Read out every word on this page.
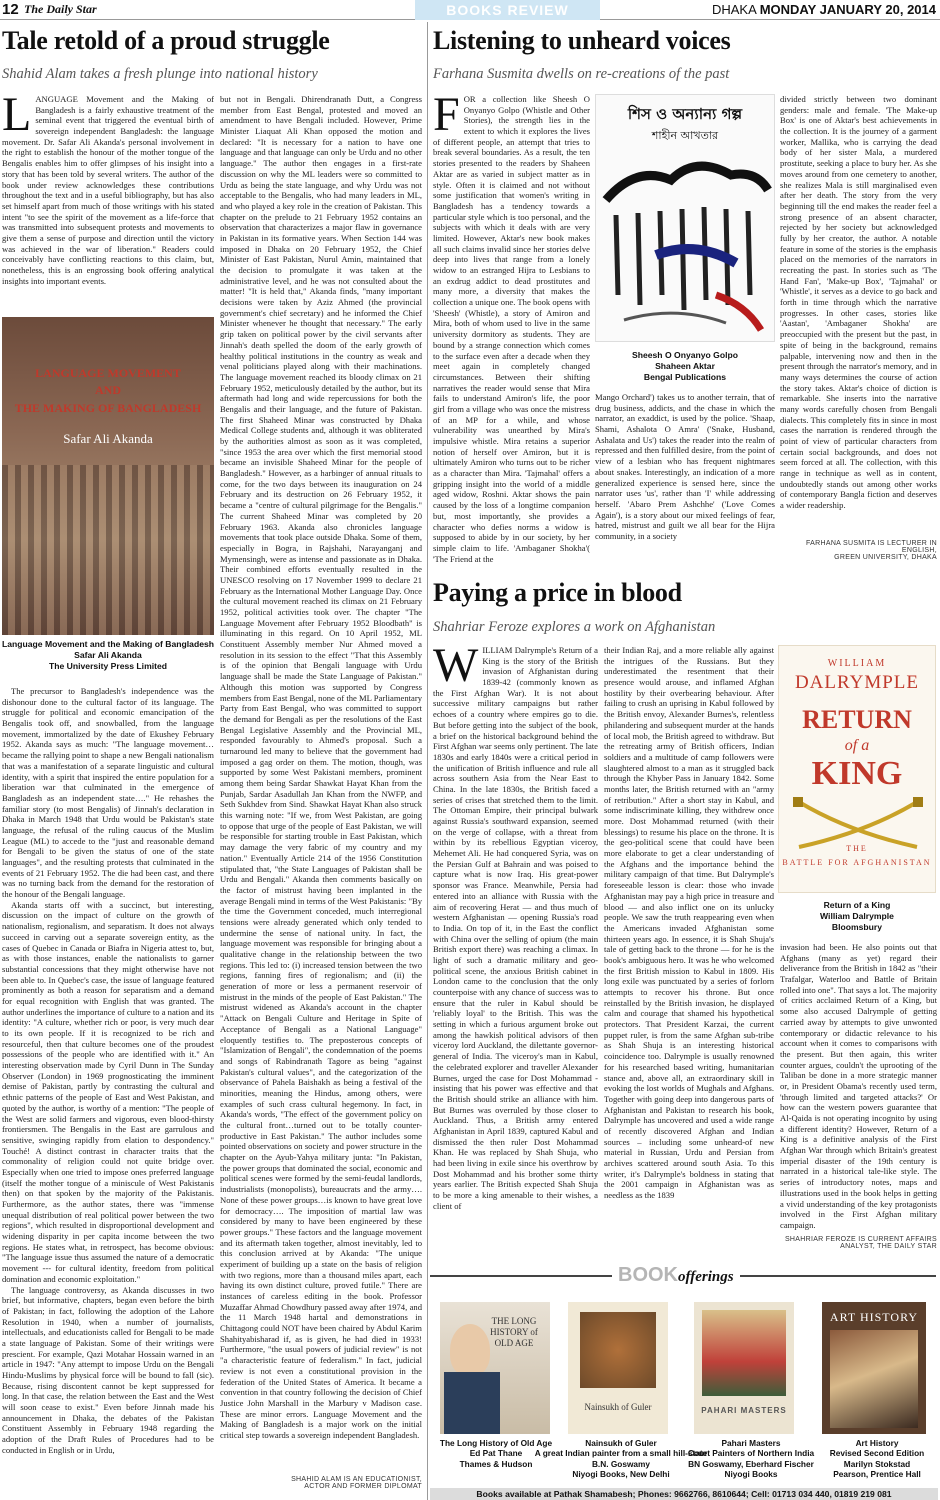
12 The Daily Star	BOOKS REVIEW	DHAKA MONDAY JANUARY 20, 2014
Tale retold of a proud struggle
Shahid Alam takes a fresh plunge into national history

LANGUAGE Movement and the Making of Bangladesh is a fairly exhaustive treatment of the seminal event that triggered the eventual birth of sovereign independent Bangladesh: the language movement. Dr. Safar Ali Akanda's personal involvement in the right to establish the honour of the mother tongue of the Bengalis enables him to offer glimpses of his insight into a story that has been told by several writers. The author of the book under review acknowledges these contributions throughout the text and in a useful bibliography, but has also set himself apart from much of those writings with his stated intent "to see the spirit of the movement as a life-force that was transmitted into subsequent protests and movements to give them a sense of purpose and direction until the victory was achieved in the war of liberation." Readers could conceivably have conflicting reactions to this claim, but, nonetheless, this is an engrossing book offering analytical insights into important events.

LANGUAGE MOVEMENT
AND
THE MAKING OF BANGLADESH
Safar Ali Akanda
Language Movement and the Making of Bangladesh
Safar Ali Akanda
The University Press Limited

The precursor to Bangladesh's independence was the dishonour done to the cultural factor of its language. The struggle for political and economic emancipation of the Bengalis took off, and snowballed, from the language movement, immortalized by the date of Ekushey February 1952. Akanda says as much: "The language movement…became the rallying point to shape a new Bengali nationalism that was a manifestation of a separate linguistic and cultural identity, with a spirit that inspired the entire population for a liberation war that culminated in the emergence of Bangladesh as an independent state…." He rehashes the familiar story (to most Bengalis) of Jinnah's declaration in Dhaka in March 1948 that Urdu would be Pakistan's state language, the refusal of the ruling caucus of the Muslim League (ML) to accede to the "just and reasonable demand for Bengali to be given the status of one of the state languages", and the resulting protests that culminated in the events of 21 February 1952. The die had been cast, and there was no turning back from the demand for the restoration of the honour of the Bengali language.

Akanda starts off with a succinct, but interesting, discussion on the impact of culture on the growth of nationalism, regionalism, and separatism. It does not always succeed in carving out a separate sovereign entity, as the cases of Quebec in Canada or Biafra in Nigeria attest to, but, as with those instances, enable the nationalists to garner substantial concessions that they might otherwise have not been able to. In Quebec's case, the issue of language featured prominently as both a reason for separatism and a demand for equal recognition with English that was granted. The author underlines the importance of culture to a nation and its identity: "A culture, whether rich or poor, is very much dear to its own people. If it is recognized to be rich and resourceful, then that culture becomes one of the proudest possessions of the people who are identified with it." An interesting observation made by Cyril Dunn in The Sunday Observer (London) in 1969 prognosticating the imminent demise of Pakistan, partly by contrasting the cultural and ethnic patterns of the people of East and West Pakistan, and quoted by the author, is worthy of a mention: "The people of the West are solid farmers and vigorous, even blood-thirsty frontiersmen. The Bengalis in the East are garrulous and sensitive, swinging rapidly from elation to despondency." Touché! A distinct contrast in character traits that the commonality of religion could not quite bridge over. Especially when one tried to impose ones preferred language (itself the mother tongue of a miniscule of West Pakistanis then) on that spoken by the majority of the Pakistanis. Furthermore, as the author states, there was "immense unequal distribution of real political power between the two regions", which resulted in disproportional development and widening disparity in per capita income between the two regions. He states what, in retrospect, has become obvious: "The language issue thus assumed the nature of a democratic movement --- for cultural identity, freedom from political domination and economic exploitation."

The language controversy, as Akanda discusses in two brief, but informative, chapters, began even before the birth of Pakistan; in fact, following the adoption of the Lahore Resolution in 1940, when a number of journalists, intellectuals, and educationists called for Bengali to be made a state language of Pakistan. Some of their writings were prescient. For example, Qazi Motahar Hossain warned in an article in 1947: "Any attempt to impose Urdu on the Bengali Hindu-Muslims by physical force will be bound to fall (sic). Because, rising discontent cannot be kept suppressed for long. In that case, the relation between the East and the West will soon cease to exist." Even before Jinnah made his announcement in Dhaka, the debates of the Pakistan Constituent Assembly in February 1948 regarding the adoption of the Draft Rules of Procedures had to be conducted in English or in Urdu,

but not in Bengali. Dhirendranath Dutt, a Congress member from East Bengal, protested and moved an amendment to have Bengali included. However, Prime Minister Liaquat Ali Khan opposed the motion and declared: "It is necessary for a nation to have one language and that language can only be Urdu and no other language." The author then engages in a first-rate discussion on why the ML leaders were so committed to Urdu as being the state language, and why Urdu was not acceptable to the Bengalis, who had many leaders in ML, and who played a key role in the creation of Pakistan. This chapter on the prelude to 21 February 1952 contains an observation that characterizes a major flaw in governance in Pakistan in its formative years. When Section 144 was imposed in Dhaka on 20 February 1952, the Chief Minister of East Pakistan, Nurul Amin, maintained that the decision to promulgate it was taken at the administrative level, and he was not consulted about the matter! "It is held that," Akanda finds, "many important decisions were taken by Aziz Ahmed (the provincial government's chief secretary) and he informed the Chief Minister whenever he thought that necessary." The early grip taken on political power by the civil servants after Jinnah's death spelled the doom of the early growth of healthy political institutions in the country as weak and venal politicians played along with their machinations. The language movement reached its bloody climax on 21 February 1952, meticulously detailed by the author, but its aftermath had long and wide repercussions for both the Bengalis and their language, and the future of Pakistan. The first Shaheed Minar was constructed by Dhaka Medical College students and, although it was obliterated by the authorities almost as soon as it was completed, "since 1953 the area over which the first memorial stood became an invisible Shaheed Minar for the people of Bangladesh." However, as a harbinger of annual rituals to come, for the two days between its inauguration on 24 February and its destruction on 26 February 1952, it became a "centre of cultural pilgrimage for the Bengalis." The current Shaheed Minar was completed by 20 February 1963. Akanda also chronicles language movements that took place outside Dhaka. Some of them, especially in Bogra, in Rajshahi, Narayanganj and Mymensingh, were as intense and passionate as in Dhaka. Their combined efforts eventually resulted in the UNESCO resolving on 17 November 1999 to declare 21 February as the International Mother Language Day. Once the cultural movement reached its climax on 21 February 1952, political activities took over. The chapter "The Language Movement after February 1952 Bloodbath" is illuminating in this regard. On 10 April 1952, ML Constituent Assembly member Nur Ahmed moved a resolution in its session to the effect "That this Assembly is of the opinion that Bengali language with Urdu language shall be made the State Language of Pakistan." Although this motion was supported by Congress members from East Bengal, none of the ML Parliamentary Party from East Bengal, who was committed to support the demand for Bengali as per the resolutions of the East Bengal Legislative Assembly and the Provincial ML, responded favourably to Ahmed's proposal. Such a turnaround led many to believe that the government had imposed a gag order on them. The motion, though, was supported by some West Pakistani members, prominent among them being Sardar Shawkat Hayat Khan from the Punjab, Sardar Asadullah Jan Khan from the NWFP, and Seth Sukhdev from Sind. Shawkat Hayat Khan also struck this warning note: "If we, from West Pakistan, are going to oppose that urge of the people of East Pakistan, we will be responsible for starting trouble in East Pakistan, which may damage the very fabric of my country and my nation." Eventually Article 214 of the 1956 Constitution stipulated that, "the State Languages of Pakistan shall be Urdu and Bengali." Akanda then comments basically on the factor of mistrust having been implanted in the average Bengali mind in terms of the West Pakistanis: "By the time the Government conceded, much interregional tensions were already generated which only tended to undermine the sense of national unity. In fact, the language movement was responsible for bringing about a qualitative change in the relationship between the two regions. This led to: (i) increased tension between the two regions, fanning fires of regionalism; and (ii) the generation of more or less a permanent reservoir of mistrust in the minds of the people of East Pakistan." The mistrust widened as Akanda's account in the chapter "Attack on Bengali Culture and Heritage in Spite of Acceptance of Bengali as a National Language" eloquently testifies to. The preposterous concepts of "Islamization of Bengali", the condemnation of the poems and songs of Rabindranath Tagore as being "against Pakistan's cultural values", and the categorization of the observance of Pahela Baishakh as being a festival of the minorities, meaning the Hindus, among others, were examples of such crass cultural hegemony. In fact, in Akanda's words, "The effect of the government policy on the cultural front…turned out to be totally counter-productive in East Pakistan." The author includes some pointed observations on society and power structure in the chapter on the Ayub-Yahya military junta: "In Pakistan, the power groups that dominated the social, economic and political scenes were formed by the semi-feudal landlords, industrialists (monopolists), bureaucrats and the army…. None of these power groups…is known to have great love for democracy…. The imposition of martial law was considered by many to have been engineered by these power groups." These factors and the language movement and its aftermath taken together, almost inevitably, led to this conclusion arrived at by Akanda: "The unique experiment of building up a state on the basis of religion with two regions, more than a thousand miles apart, each having its own distinct culture, proved futile." There are instances of careless editing in the book. Professor Muzaffar Ahmad Chowdhury passed away after 1974, and the 11 March 1948 hartal and demonstrations in Chittagong could NOT have been chaired by Abdul Karim Shahityabisharad if, as is given, he had died in 1933! Furthermore, "the usual powers of judicial review" is not "a characteristic feature of federalism." In fact, judicial review is not even a constitutional provision in the federation of the United States of America. It became a convention in that country following the decision of Chief Justice John Marshall in the Marbury v Madison case. These are minor errors. Language Movement and the Making of Bangladesh is a major work on the initial critical step towards a sovereign independent Bangladesh.

SHAHID ALAM IS AN EDUCATIONIST,
ACTOR AND FORMER DIPLOMAT
Listening to unheard voices
Farhana Susmita dwells on re-creations of the past

FOR a collection like Sheesh O Onyanyo Golpo (Whistle and Other Stories), the strength lies in the extent to which it explores the lives of different people, an attempt that tries to break several boundaries. As a result, the ten stories presented to the readers by Shaheen Aktar are as varied in subject matter as in style. Often it is claimed and not without some justification that women's writing in Bangladesh has a tendency towards a particular style which is too personal, and the subjects with which it deals with are very limited. However, Aktar's new book makes all such claims invalid since her stories delve deep into lives that range from a lonely widow to an estranged Hijra to Lesbians to an exdrug addict to dead prostitutes and many more, a diversity that makes the collection a unique one. The book opens with 'Sheesh' (Whistle), a story of Amiron and Mira, both of whom used to live in the same university dormitory as students. They are bound by a strange connection which comes to the surface even after a decade when they meet again in completely changed circumstances. Between their shifting narratives the reader would sense that Mira fails to understand Amiron's life, the poor girl from a village who was once the mistress of an MP for a while, and whose vulnerability was unearthed by Mira's impulsive whistle. Mira retains a superior notion of herself over Amiron, but it is ultimately Amiron who turns out to be richer as a character than Mira. 'Tajmahal' offers a gripping insight into the world of a middle aged widow, Roshni. Aktar shows the pain caused by the loss of a longtime companion but, most importantly, she provides a character who defies norms a widow is supposed to abide by in our society, by her simple claim to life. 'Ambaganer Shokha'( 'The Friend at the

শিস ও অন্যান্য গল্প
শাহীন আখতার
Sheesh O Onyanyo Golpo
Shaheen Aktar
Bengal Publications

Mango Orchard') takes us to another terrain, that of drug business, addicts, and the chase in which the narrator, an exaddict, is used by the police. 'Shaap, Shami, Ashalota O Amra' ('Snake, Husband, Ashalata and Us') takes the reader into the realm of repressed and then fulfilled desire, from the point of view of a lesbian who has frequent nightmares about snakes. Interestingly, an indication of a more generalized experience is sensed here, since the narrator uses 'us', rather than 'I' while addressing herself. 'Abaro Prem Ashchhe' ('Love Comes Again'), is a story about our mixed feelings of fear, hatred, mistrust and guilt we all bear for the Hijra community, in a society

divided strictly between two dominant genders: male and female. 'The Make-up Box' is one of Aktar's best achievements in the collection. It is the journey of a garment worker, Mallika, who is carrying the dead body of her sister Mala, a murdered prostitute, seeking a place to bury her. As she moves around from one cemetery to another, she realizes Mala is still marginalised even after her death. The story from the very beginning till the end makes the reader feel a strong presence of an absent character, rejected by her society but acknowledged fully by her creator, the author. A notable feature in some of the stories is the emphasis placed on the memories of the narrators in recreating the past. In stories such as 'The Hand Fan', 'Make-up Box', 'Tajmahal' or 'Whistle', it serves as a device to go back and forth in time through which the narrative progresses. In other cases, stories like 'Aastan', 'Ambaganer Shokha' are preoccupied with the present but the past, in spite of being in the background, remains palpable, intervening now and then in the present through the narrator's memory, and in many ways determines the course of action the story takes. Aktar's choice of diction is remarkable. She inserts into the narrative many words carefully chosen from Bengali dialects. This completely fits in since in most cases the narration is rendered through the point of view of particular characters from certain social backgrounds, and does not seem forced at all. The collection, with this range in technique as well as in content, undoubtedly stands out among other works of contemporary Bangla fiction and deserves a wider readership.

FARHANA SUSMITA IS LECTURER IN ENGLISH,
GREEN UNIVERSITY, DHAKA
Paying a price in blood
Shahriar Feroze explores a work on Afghanistan

WILLIAM Dalrymple's Return of a King is the story of the British invasion of Afghanistan during 1839-42 (commonly known as the First Afghan War). It is not about successive military campaigns but rather echoes of a country where empires go to die. But before getting into the subject of the book, a brief on the historical background behind the First Afghan war seems only pertinent. The late 1830s and early 1840s were a critical period in the unification of British influence and rule all across southern Asia from the Near East to China. In the late 1830s, the British faced a series of crises that stretched them to the limit. The Ottoman Empire, their principal bulwark against Russia's southward expansion, seemed on the verge of collapse, with a threat from within by its rebellious Egyptian viceroy, Mehemet Ali. He had conquered Syria, was on the Persian Gulf at Bahrain and was poised to capture what is now Iraq. His great-power sponsor was France. Meanwhile, Persia had entered into an alliance with Russia with the aim of recovering Herat — and thus much of western Afghanistan — opening Russia's road to India. On top of it, in the East the conflict with China over the selling of opium (the main British export there) was reaching a climax. In light of such a dramatic military and geo-political scene, the anxious British cabinet in London came to the conclusion that the only counterpoise with any chance of success was to ensure that the ruler in Kabul should be 'reliably loyal' to the British. This was the setting in which a furious argument broke out among the hawkish political advisors of then viceroy lord Auckland, the dilettante governor-general of India. The viceroy's man in Kabul, the celebrated explorer and traveller Alexander Burnes, urged the case for Dost Mohammad - insisting that his power was effective and that the British should strike an alliance with him. But Burnes was overruled by those closer to Auckland. Thus, a British army entered Afghanistan in April 1839, captured Kabul and dismissed the then ruler Dost Mohammad Khan. He was replaced by Shah Shuja, who had been living in exile since his overthrow by Dost Mohammad and his brother some thirty years earlier. The British expected Shah Shuja to be more a king amenable to their wishes, a client of

their Indian Raj, and a more reliable ally against the intrigues of the Russians. But they underestimated the resentment that their presence would arouse, and inflamed Afghan hostility by their overbearing behaviour. After failing to crush an uprising in Kabul followed by the British envoy, Alexander Burnes's, relentless philandering and subsequent murder at the hands of local mob, the British agreed to withdraw. But the retreating army of British officers, Indian soldiers and a multitude of camp followers were slaughtered almost to a man as it struggled back through the Khyber Pass in January 1842. Some months later, the British returned with an "army of retribution." After a short stay in Kabul, and some indiscriminate killing, they withdrew once more. Dost Mohammad returned (with their blessings) to resume his place on the throne. It is the geo-political scene that could have been more elaborate to get a clear understanding of the Afghans and the importance behind the military campaign of that time. But Dalrymple's foreseeable lesson is clear: those who invade Afghanistan may pay a high price in treasure and blood — and also inflict one on its unlucky people. We saw the truth reappearing even when the Americans invaded Afghanistan some thirteen years ago. In essence, it is Shah Shuja's tale of getting back to the throne — for he is the book's ambiguous hero. It was he who welcomed the first British mission to Kabul in 1809. His long exile was punctuated by a series of forlorn attempts to recover his throne. But once reinstalled by the British invasion, he displayed calm and courage that shamed his hypothetical protectors. That President Karzai, the current puppet ruler, is from the same Afghan sub-tribe as Shah Shuja is an interesting historical coincidence too. Dalrymple is usually renowned for his researched based writing, humanitarian stance and, above all, an extraordinary skill in evoking the lost worlds of Mughals and Afghans. Together with going deep into dangerous parts of Afghanistan and Pakistan to research his book, Dalrymple has uncovered and used a wide range of recently discovered Afghan and Indian sources – including some unheard-of new material in Russian, Urdu and Persian from archives scattered around south Asia. To this writer, it's Dalrymple's boldness in stating that the 2001 campaign in Afghanistan was as needless as the 1839

WILLIAM
DALRYMPLE
RETURN
of a
KING
THE
BATTLE FOR AFGHANISTAN
Return of a King
William Dalrymple
Bloomsbury

invasion had been. He also points out that Afghans (many as yet) regard their deliverance from the British in 1842 as "their Trafalgar, Waterloo and Battle of Britain rolled into one". That says a lot. The majority of critics acclaimed Return of a King, but some also accused Dalrymple of getting carried away by attempts to give unwonted contemporary or didactic relevance to his account when it comes to comparisons with the present. But then again, this writer counter argues, couldn't the uprooting of the Taliban be done in a more strategic manner or, in President Obama's recently used term, 'through limited and targeted attacks?' Or how can the western powers guarantee that Al-Qaida is not operating incognito by using a different identity? However, Return of a King is a definitive analysis of the First Afghan War through which Britain's greatest imperial disaster of the 19th century is narrated in a historical tale-like style. The series of introductory notes, maps and illustrations used in the book helps in getting a vivid understanding of the key protagonists involved in the First Afghan military campaign.

SHAHRIAR FEROZE IS CURRENT AFFAIRS
ANALYST, THE DAILY STAR
BOOKofferings
THE LONG HISTORY of OLD AGE
Nainsukh of Guler	PAHARI MASTERS
ART HISTORY
The Long History of Old Age
Ed Pat Thane
Thames & Hudson
Nainsukh of Guler
A great Indian painter from a small hill-state
B.N. Goswamy
Niyogi Books, New Delhi
Pahari Masters
Court Painters of Northern India
BN Goswamy, Eberhard Fischer
Niyogi Books
Art History
Revised Second Edition
Marilyn Stokstad
Pearson, Prentice Hall
Books available at Pathak Shamabesh; Phones: 9662766, 8610644; Cell: 01713 034 440, 01819 219 081
